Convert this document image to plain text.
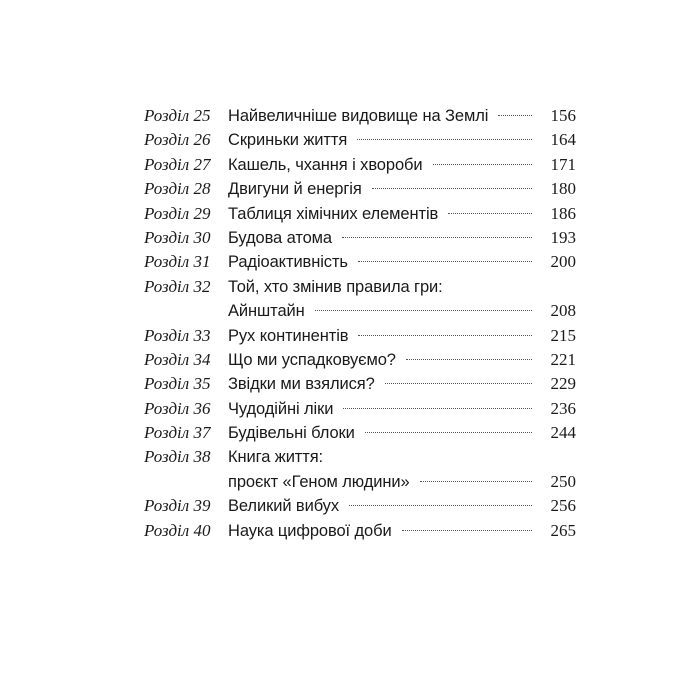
Розділ 25	Найвеличніше видовище на Землі	156
Розділ 26	Скриньки життя	164
Розділ 27	Кашель, чхання і хвороби	171
Розділ 28	Двигуни й енергія	180
Розділ 29	Таблиця хімічних елементів	186
Розділ 30	Будова атома	193
Розділ 31	Радіоактивність	200
Розділ 32	Той, хто змінив правила гри:
Айнштайн	208
Розділ 33	Рух континентів	215
Розділ 34	Що ми успадковуємо?	221
Розділ 35	Звідки ми взялися?	229
Розділ 36	Чудодійні ліки	236
Розділ 37	Будівельні блоки	244
Розділ 38	Книга життя:
проєкт «Геном людини»	250
Розділ 39	Великий вибух	256
Розділ 40	Наука цифрової доби	265
